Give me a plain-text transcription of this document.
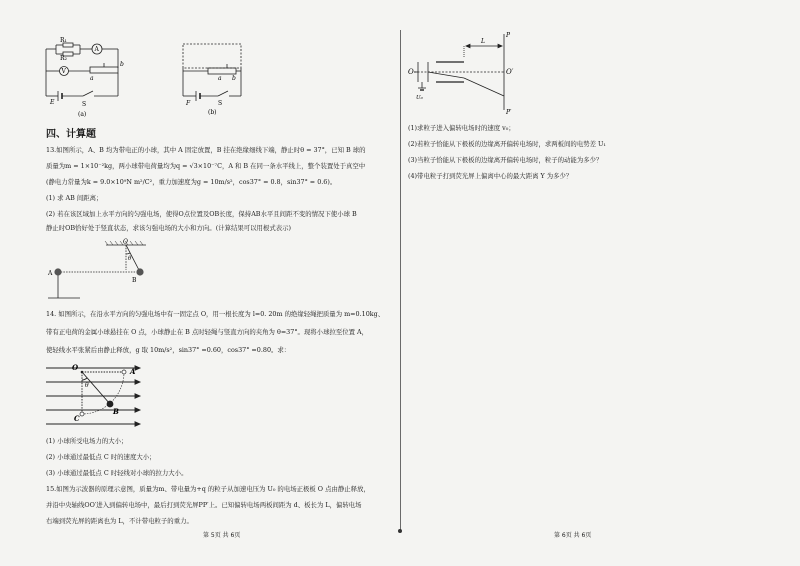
R₁
R₂
A
V
a
b
E	S
(a)
a b
F	S
(b)
四、计算题
13.如图所示，A、B 均为带电正的小球，其中 A 固定放置，B 挂在绝缘细线下端，静止时θ = 37°，已知 B 球的
质量为m = 1×10⁻²kg，两小球带电荷量均为q = √3×10⁻⁷C，A 和 B 在同一条水平线上，整个装置处于真空中
(静电力常量为k = 9.0×10⁹N m²/C²，重力加速度为g = 10m/s²，cos37° = 0.8，sin37° = 0.6)。
(1) 求 AB 间距离；
(2) 若在该区域加上水平方向的匀强电场，使得O点位置及OB长度，保持AB水平且间距不变的情况下使小球 B
静止时OB恰好处于竖直状态，求该匀强电场的大小和方向。(计算结果可以用根式表示)
O
θ
A
B
14. 如图所示，在沿水平方向的匀强电场中有一固定点 O，用一根长度为 l=0. 20m 的绝缘轻绳把质量为 m=0.10kg、
带有正电荷的金属小球悬挂在 O 点，小球静止在 B 点时轻绳与竖直方向的夹角为 θ=37°。现将小球拉至位置 A，
使轻线水平张紧后由静止释放，g 取 10m/s²，sin37° =0.60，cos37° =0.80。求：
O	A
θ
B
C
(1) 小球所受电场力的大小；
(2) 小球通过最低点 C 时的速度大小；
(3) 小球通过最低点 C 时轻线对小球的拉力大小。
15.如图为示波器的原理示意图，质量为m、带电量为+q 的粒子从加速电压为 U₀ 的电场正极板 O 点由静止释放，
并沿中央轴线OO′进入到偏转电场中，最后打到荧光屏PP′上。已知偏转电场两板间距为 d、板长为 L，偏转电场
右端到荧光屏的距离也为 L，不计带电粒子的重力。
第 5页 共 6页
P
P′
O	O′
L
U₀
(1)求粒子进入偏转电场时的速度 v₀；
(2)若粒子恰能从下极板的边缘离开偏转电场时，求两板间的电势差 U₁
(3)当粒子恰能从下极板的边缘离开偏转电场时，粒子的动能为多少？
(4)带电粒子打到荧光屏上偏离中心的最大距离 Y 为多少？
第 6页 共 6页
